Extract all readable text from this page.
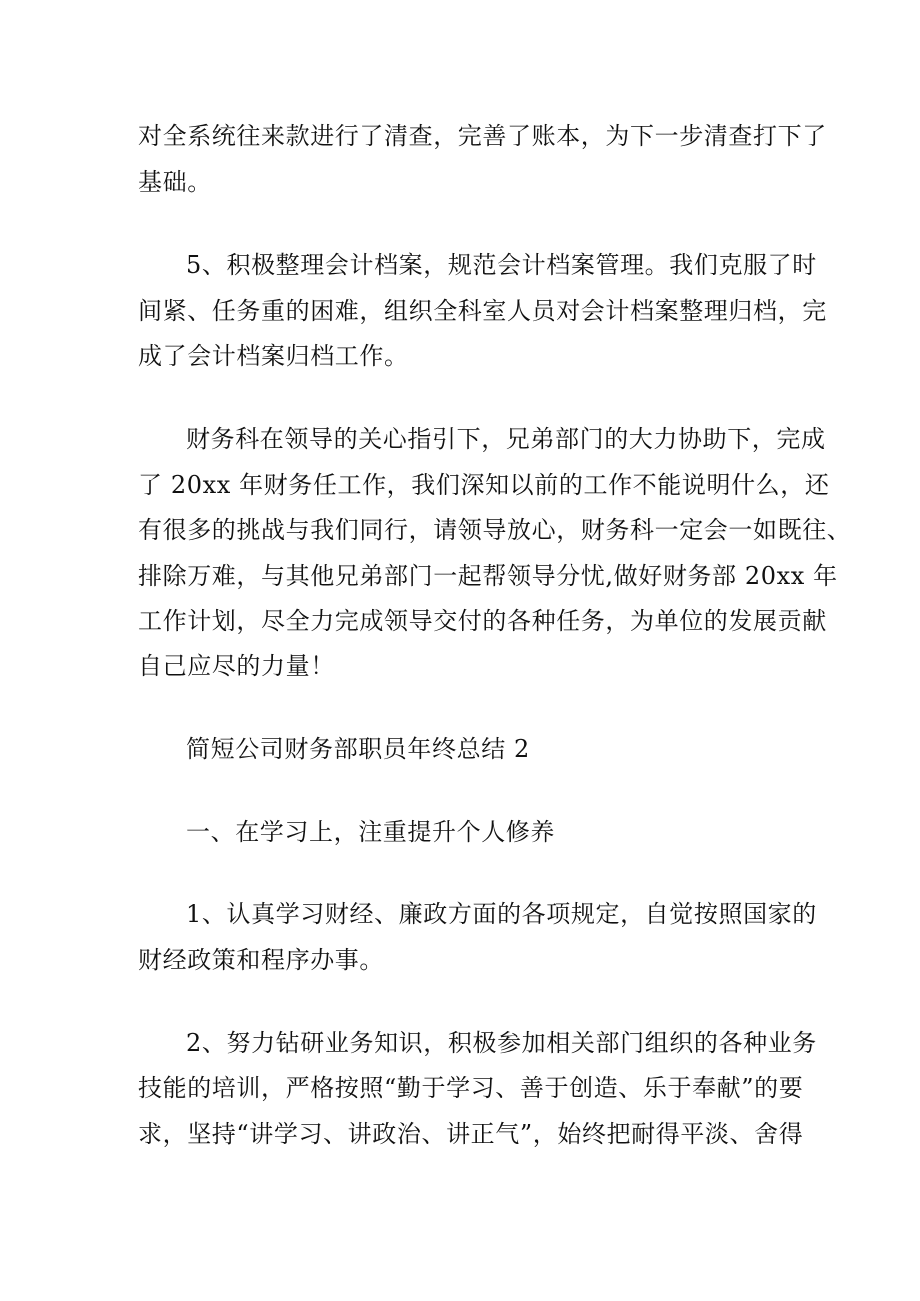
对全系统往来款进行了清查，完善了账本，为下一步清查打下了
基础。
5、积极整理会计档案，规范会计档案管理。我们克服了时
间紧、任务重的困难，组织全科室人员对会计档案整理归档，完
成了会计档案归档工作。
财务科在领导的关心指引下，兄弟部门的大力协助下，完成
了 20xx 年财务任工作，我们深知以前的工作不能说明什么，还
有很多的挑战与我们同行，请领导放心，财务科一定会一如既往、
排除万难，与其他兄弟部门一起帮领导分忧,做好财务部 20xx 年
工作计划，尽全力完成领导交付的各种任务，为单位的发展贡献
自己应尽的力量！
简短公司财务部职员年终总结 2
一、在学习上，注重提升个人修养
1、认真学习财经、廉政方面的各项规定，自觉按照国家的
财经政策和程序办事。
2、努力钻研业务知识，积极参加相关部门组织的各种业务
技能的培训，严格按照“勤于学习、善于创造、乐于奉献”的要
求，坚持“讲学习、讲政治、讲正气”，始终把耐得平淡、舍得
